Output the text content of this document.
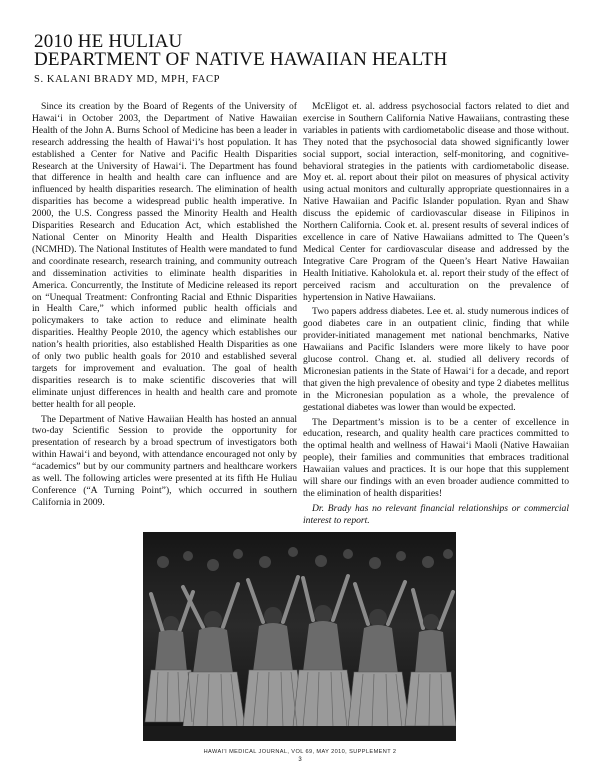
2010 HE HULIAU
DEPARTMENT OF NATIVE HAWAIIAN HEALTH
S. KALANI BRADY MD, MPH, FACP

Since its creation by the Board of Regents of the University of Hawai‘i in October 2003, the Department of Native Hawaiian Health of the John A. Burns School of Medicine has been a leader in research addressing the health of Hawai‘i’s host population. It has established a Center for Native and Pacific Health Disparities Research at the University of Hawai‘i. The Department has found that difference in health and health care can influence and are influenced by health disparities research. The elimination of health disparities has become a widespread public health imperative. In 2000, the U.S. Congress passed the Minority Health and Health Disparities Research and Education Act, which established the National Center on Minority Health and Health Disparities (NCMHD). The National Institutes of Health were mandated to fund and coordinate research, research training, and community outreach and dissemination activities to eliminate health disparities in America. Concurrently, the Institute of Medicine released its report on “Unequal Treatment: Confronting Racial and Ethnic Disparities in Health Care,” which informed public health officials and policymakers to take action to reduce and eliminate health disparities. Healthy People 2010, the agency which establishes our nation’s health priorities, also established Health Disparities as one of only two public health goals for 2010 and established several targets for improvement and evaluation. The goal of health disparities research is to make scientific discoveries that will eliminate unjust differences in health and health care and promote better health for all people.

The Department of Native Hawaiian Health has hosted an annual two-day Scientific Session to provide the opportunity for presentation of research by a broad spectrum of investigators both within Hawai‘i and beyond, with attendance encouraged not only by “academics” but by our community partners and healthcare workers as well. The following articles were presented at its fifth He Huliau Conference (“A Turning Point”), which occurred in southern California in 2009.

McEligot et. al. address psychosocial factors related to diet and exercise in Southern California Native Hawaiians, contrasting these variables in patients with cardiometabolic disease and those without. They noted that the psychosocial data showed significantly lower social support, social interaction, self-monitoring, and cognitive-behavioral strategies in the patients with cardiometabolic disease. Moy et. al. report about their pilot on measures of physical activity using actual monitors and culturally appropriate questionnaires in a Native Hawaiian and Pacific Islander population. Ryan and Shaw discuss the epidemic of cardiovascular disease in Filipinos in Northern California. Cook et. al. present results of several indices of excellence in care of Native Hawaiians admitted to The Queen’s Medical Center for cardiovascular disease and addressed by the Integrative Care Program of the Queen’s Heart Native Hawaiian Health Initiative. Kaholokula et. al. report their study of the effect of perceived racism and acculturation on the prevalence of hypertension in Native Hawaiians.

Two papers address diabetes. Lee et. al. study numerous indices of good diabetes care in an outpatient clinic, finding that while provider-initiated management met national benchmarks, Native Hawaiians and Pacific Islanders were more likely to have poor glucose control. Chang et. al. studied all delivery records of Micronesian patients in the State of Hawai‘i for a decade, and report that given the high prevalence of obesity and type 2 diabetes mellitus in the Micronesian population as a whole, the prevalence of gestational diabetes was lower than would be expected.

The Department’s mission is to be a center of excellence in education, research, and quality health care practices committed to the optimal health and wellness of Hawai‘i Maoli (Native Hawaiian people), their families and communities that embraces traditional Hawaiian values and practices. It is our hope that this supplement will share our findings with an even broader audience committed to the elimination of health disparities!

Dr. Brady has no relevant financial relationships or commercial interest to report.

HAWAI‘I MEDICAL JOURNAL, VOL 69, MAY 2010, SUPPLEMENT 2
3
